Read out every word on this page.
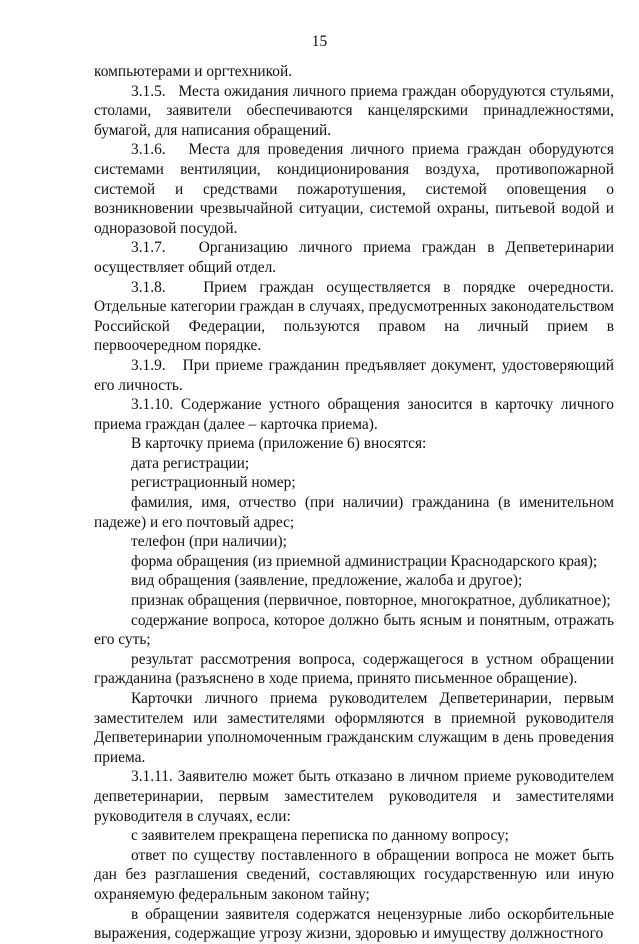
15

компьютерами и оргтехникой.

3.1.5.   Места ожидания личного приема граждан оборудуются стульями, столами, заявители обеспечиваются канцелярскими принадлежностями, бумагой, для написания обращений.

3.1.6.   Места для проведения личного приема граждан оборудуются системами вентиляции, кондиционирования воздуха, противопожарной системой и средствами пожаротушения, системой оповещения о возникновении чрезвычайной ситуации, системой охраны, питьевой водой и одноразовой посудой.

3.1.7.   Организацию личного приема граждан в Депветеринарии осуществляет общий отдел.

3.1.8.   Прием граждан осуществляется в порядке очередности. Отдельные категории граждан в случаях, предусмотренных законодательством Российской Федерации, пользуются правом на личный прием в первоочередном порядке.

3.1.9.   При приеме гражданин предъявляет документ, удостоверяющий его личность.

3.1.10. Содержание устного обращения заносится в карточку личного приема граждан (далее – карточка приема).

В карточку приема (приложение 6) вносятся:

дата регистрации;

регистрационный номер;

фамилия, имя, отчество (при наличии) гражданина (в именительном падеже) и его почтовый адрес;

телефон (при наличии);

форма обращения (из приемной администрации Краснодарского края);

вид обращения (заявление, предложение, жалоба и другое);

признак обращения (первичное, повторное, многократное, дубликатное);

содержание вопроса, которое должно быть ясным и понятным, отражать его суть;

результат рассмотрения вопроса, содержащегося в устном обращении гражданина (разъяснено в ходе приема, принято письменное обращение).

Карточки личного приема руководителем Депветеринарии, первым заместителем или заместителями оформляются в приемной руководителя Депветеринарии уполномоченным гражданским служащим в день проведения приема.

3.1.11. Заявителю может быть отказано в личном приеме руководителем депветеринарии, первым заместителем руководителя и заместителями руководителя в случаях, если:

с заявителем прекращена переписка по данному вопросу;

ответ по существу поставленного в обращении вопроса не может быть дан без разглашения сведений, составляющих государственную или иную охраняемую федеральным законом тайну;

в обращении заявителя содержатся нецензурные либо оскорбительные выражения, содержащие угрозу жизни, здоровью и имуществу должностного
